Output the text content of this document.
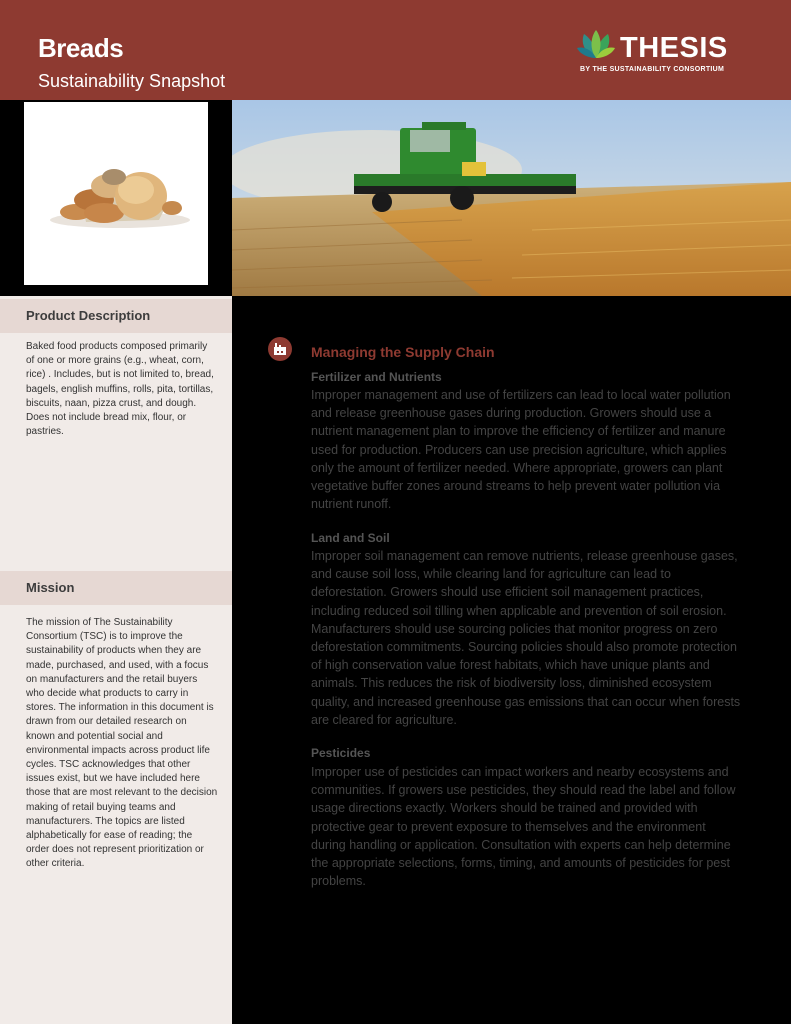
Breads
Sustainability Snapshot
THESIS
BY THE SUSTAINABILITY CONSORTIUM
Product Description
Baked food products composed primarily of one or more grains (e.g., wheat, corn, rice) . Includes, but is not limited to, bread, bagels, english muffins, rolls, pita, tortillas, biscuits, naan, pizza crust, and dough. Does not include bread mix, flour, or pastries.
Mission
The mission of The Sustainability Consortium (TSC) is to improve the sustainability of products when they are made, purchased, and used, with a focus on manufacturers and the retail buyers who decide what products to carry in stores. The information in this document is drawn from our detailed research on known and potential social and environmental impacts across product life cycles. TSC acknowledges that other issues exist, but we have included here those that are most relevant to the decision making of retail buying teams and manufacturers. The topics are listed alphabetically for ease of reading; the order does not represent prioritization or other criteria.
Managing the Supply Chain
Fertilizer and Nutrients
Improper management and use of fertilizers can lead to local water pollution and release greenhouse gases during production. Growers should use a nutrient management plan to improve the efficiency of fertilizer and manure used for production. Producers can use precision agriculture, which applies only the amount of fertilizer needed. Where appropriate, growers can plant vegetative buffer zones around streams to help prevent water pollution via nutrient runoff.
Land and Soil
Improper soil management can remove nutrients, release greenhouse gases, and cause soil loss, while clearing land for agriculture can lead to deforestation. Growers should use efficient soil management practices, including reduced soil tilling when applicable and prevention of soil erosion. Manufacturers should use sourcing policies that monitor progress on zero deforestation commitments. Sourcing policies should also promote protection of high conservation value forest habitats, which have unique plants and animals. This reduces the risk of biodiversity loss, diminished ecosystem quality, and increased greenhouse gas emissions that can occur when forests are cleared for agriculture.
Pesticides
Improper use of pesticides can impact workers and nearby ecosystems and communities. If growers use pesticides, they should read the label and follow usage directions exactly. Workers should be trained and provided with protective gear to prevent exposure to themselves and the environment during handling or application. Consultation with experts can help determine the appropriate selections, forms, timing, and amounts of pesticides for pest problems.
